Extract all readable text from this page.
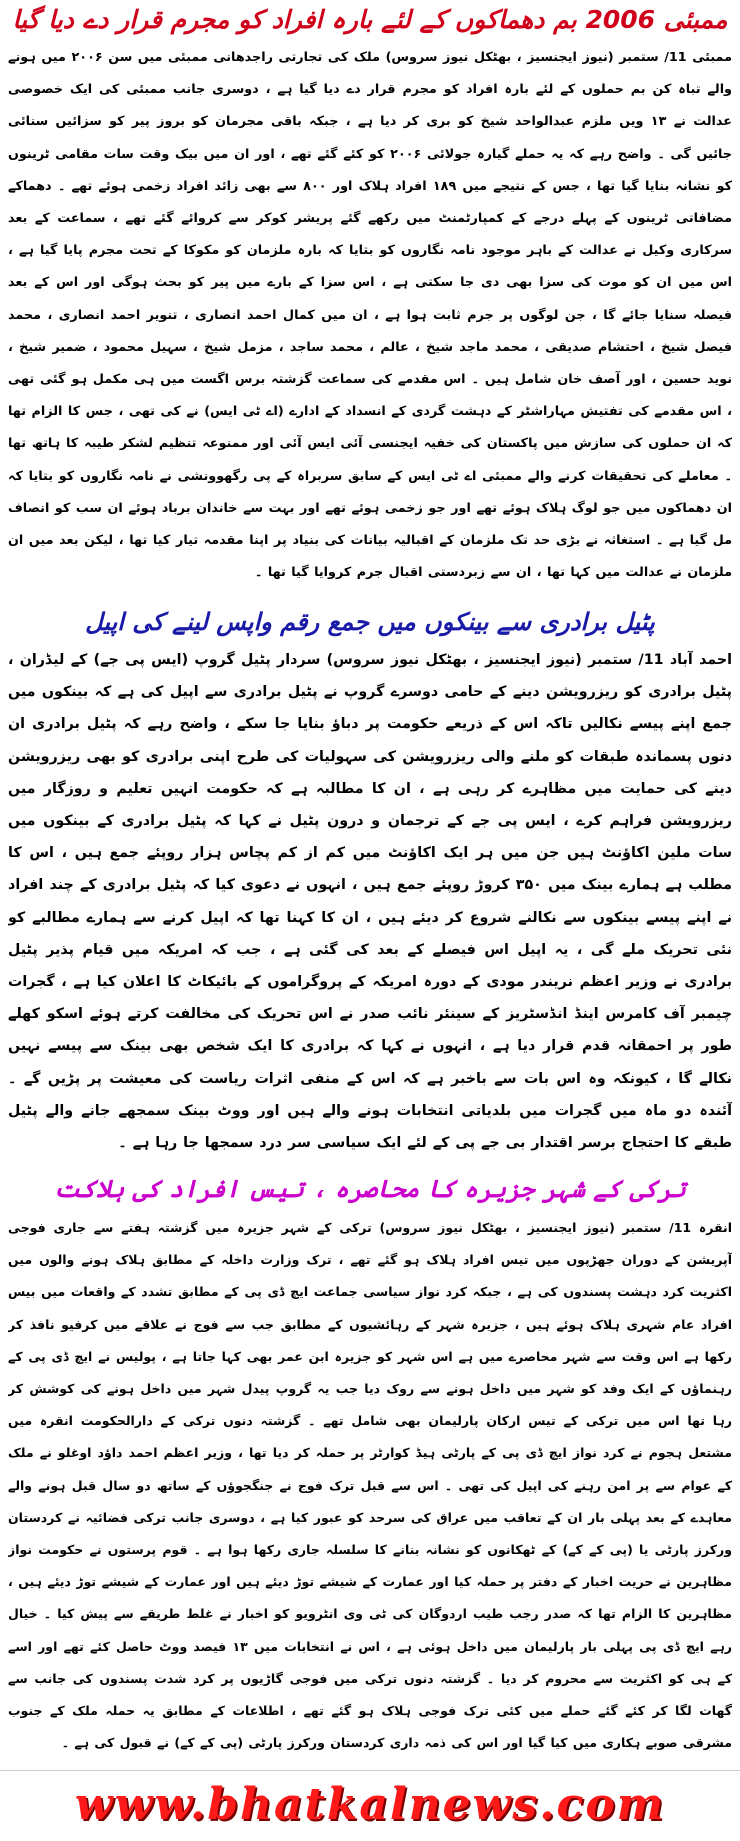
ممبئی 2006 بم دھماکوں کے لئے بارہ افراد کو مجرم قرار دے دیا گیا
ممبئی 11/ ستمبر (نیوز ایجنسیز ، بھٹکل نیوز سروس) ملک کی تجارتی راجدھانی ممبئی میں سن ۲۰۰۶ میں ہونے والے تباہ کن بم حملوں کے لئے بارہ افراد کو مجرم قرار دے دیا گیا ہے ، دوسری جانب ممبئی کی ایک خصوصی عدالت نے ۱۳ ویں ملزم عبدالواحد شیخ کو بری کر دیا ہے ، جبکہ باقی مجرمان کو بروز پیر کو سزائیں سنائی جائیں گی ۔ واضح رہے کہ یہ حملے گیارہ جولائی ۲۰۰۶ کو کئے گئے تھے ، اور ان میں بیک وقت سات مقامی ٹرینوں کو نشانہ بنایا گیا تھا ، جس کے نتیجے میں ۱۸۹ افراد ہلاک اور ۸۰۰ سے بھی زائد افراد زخمی ہوئے تھے ۔ دھماکے مضافاتی ٹرینوں کے پہلے درجے کے کمپارٹمنٹ میں رکھے گئے پریشر کوکر سے کروائے گئے تھے ، سماعت کے بعد سرکاری وکیل نے عدالت کے باہر موجود نامہ نگاروں کو بتایا کہ بارہ ملزمان کو مکوکا کے تحت مجرم پایا گیا ہے ، اس میں ان کو موت کی سزا بھی دی جا سکتی ہے ، اس سزا کے بارے میں پیر کو بحث ہوگی اور اس کے بعد فیصلہ سنایا جائے گا ، جن لوگوں پر جرم ثابت ہوا ہے ، ان میں کمال احمد انصاری ، تنویر احمد انصاری ، محمد فیصل شیخ ، احتشام صدیقی ، محمد ماجد شیخ ، عالم ، محمد ساجد ، مزمل شیخ ، سہیل محمود ، ضمیر شیخ ، نوید حسین ، اور آصف خان شامل ہیں ۔ اس مقدمے کی سماعت گزشتہ برس اگست میں ہی مکمل ہو گئی تھی ، اس مقدمے کی تفتیش مہاراشٹر کے دہشت گردی کے انسداد کے ادارے (اے ٹی ایس) نے کی تھی ، جس کا الزام تھا کہ ان حملوں کی سازش میں پاکستان کی خفیہ ایجنسی آئی ایس آئی اور ممنوعہ تنظیم لشکر طیبہ کا ہاتھ تھا ۔ معاملے کی تحقیقات کرنے والے ممبئی اے ٹی ایس کے سابق سربراہ کے پی رگھوونشی نے نامہ نگاروں کو بتایا کہ ان دھماکوں میں جو لوگ ہلاک ہوئے تھے اور جو زخمی ہوئے تھے اور بہت سے خاندان برباد ہوئے ان سب کو انصاف مل گیا ہے ۔ استغاثہ نے بڑی حد تک ملزمان کے اقبالیہ بیانات کی بنیاد پر اپنا مقدمہ تیار کیا تھا ، لیکن بعد میں ان ملزمان نے عدالت میں کہا تھا ، ان سے زبردستی اقبال جرم کروایا گیا تھا ۔
پٹیل برادری سے بینکوں میں جمع رقم واپس لینے کی اپیل
احمد آباد 11/ ستمبر (نیوز ایجنسیز ، بھٹکل نیوز سروس) سردار پٹیل گروپ (ایس پی جے) کے لیڈران ، پٹیل برادری کو ریزرویشن دینے کے حامی دوسرے گروپ نے پٹیل برادری سے اپیل کی ہے کہ بینکوں میں جمع اپنے پیسے نکالیں تاکہ اس کے ذریعے حکومت پر دباؤ بنایا جا سکے ، واضح رہے کہ پٹیل برادری ان دنوں پسماندہ طبقات کو ملنے والی ریزرویشن کی سہولیات کی طرح اپنی برادری کو بھی ریزرویشن دینے کی حمایت میں مظاہرے کر رہی ہے ، ان کا مطالبہ ہے کہ حکومت انہیں تعلیم و روزگار میں ریزرویشن فراہم کرے ، ایس پی جے کے ترجمان و درون پٹیل نے کہا کہ پٹیل برادری کے بینکوں میں سات ملین اکاؤنٹ ہیں جن میں ہر ایک اکاؤنٹ میں کم از کم پچاس ہزار روپئے جمع ہیں ، اس کا مطلب ہے ہمارے بینک میں ۳۵۰ کروڑ روپئے جمع ہیں ، انہوں نے دعوی کیا کہ پٹیل برادری کے چند افراد نے اپنے پیسے بینکوں سے نکالنے شروع کر دیئے ہیں ، ان کا کہنا تھا کہ اپیل کرنے سے ہمارے مطالبے کو نئی تحریک ملے گی ، یہ اپیل اس فیصلے کے بعد کی گئی ہے ، جب کہ امریکہ میں قیام پذیر پٹیل برادری نے وزیر اعظم نریندر مودی کے دورہ امریکہ کے پروگراموں کے بائیکاٹ کا اعلان کیا ہے ، گجرات چیمبر آف کامرس اینڈ انڈسٹریز کے سینئر نائب صدر نے اس تحریک کی مخالفت کرتے ہوئے اسکو کھلے طور پر احمقانہ قدم قرار دیا ہے ، انہوں نے کہا کہ برادری کا ایک شخص بھی بینک سے پیسے نہیں نکالے گا ، کیونکہ وہ اس بات سے باخبر ہے کہ اس کے منفی اثرات ریاست کی معیشت پر پڑیں گے ۔ آئندہ دو ماہ میں گجرات میں بلدیاتی انتخابات ہونے والے ہیں اور ووٹ بینک سمجھے جانے والے پٹیل طبقے کا احتجاج برسر اقتدار بی جے پی کے لئے ایک سیاسی سر درد سمجھا جا رہا ہے ۔
ترکی کے شہر جزیرہ کا محاصرہ ، تیس افراد کی ہلاکت
انقرہ 11/ ستمبر (نیوز ایجنسیز ، بھٹکل نیوز سروس) ترکی کے شہر جزیرہ میں گزشتہ ہفتے سے جاری فوجی آپریشن کے دوران جھڑپوں میں تیس افراد ہلاک ہو گئے تھے ، ترک وزارت داخلہ کے مطابق ہلاک ہونے والوں میں اکثریت کرد دہشت پسندوں کی ہے ، جبکہ کرد نواز سیاسی جماعت ایچ ڈی پی کے مطابق تشدد کے واقعات میں بیس افراد عام شہری ہلاک ہوئے ہیں ، جزیرہ شہر کے رہائشیوں کے مطابق جب سے فوج نے علاقے میں کرفیو نافذ کر رکھا ہے اس وقت سے شہر محاصرے میں ہے اس شہر کو جزیرہ ابن عمر بھی کہا جاتا ہے ، پولیس نے ایچ ڈی پی کے رہنماؤں کے ایک وفد کو شہر میں داخل ہونے سے روک دیا جب یہ گروپ پیدل شہر میں داخل ہونے کی کوشش کر رہا تھا اس میں ترکی کے تیس ارکان پارلیمان بھی شامل تھے ۔ گزشتہ دنوں ترکی کے دارالحکومت انقرہ میں مشتعل ہجوم نے کرد نواز ایچ ڈی پی کے پارٹی ہیڈ کوارٹر پر حملہ کر دیا تھا ، وزیر اعظم احمد داؤد اوغلو نے ملک کے عوام سے پر امن رہنے کی اپیل کی تھی ۔ اس سے قبل ترک فوج نے جنگجوؤں کے ساتھ دو سال قبل ہونے والے معاہدے کے بعد پہلی بار ان کے تعاقب میں عراق کی سرحد کو عبور کیا ہے ، دوسری جانب ترکی فضائیہ نے کردستان ورکرز پارٹی یا (پی کے کے) کے ٹھکانوں کو نشانہ بنانے کا سلسلہ جاری رکھا ہوا ہے ۔ قوم پرستوں نے حکومت نواز مظاہرین نے حریت اخبار کے دفتر پر حملہ کیا اور عمارت کے شیشے توڑ دیئے ہیں اور عمارت کے شیشے توڑ دیئے ہیں ، مظاہرین کا الزام تھا کہ صدر رجب طیب اردوگان کی ٹی وی انٹرویو کو اخبار نے غلط طریقے سے پیش کیا ۔ خیال رہے ایچ ڈی پی پہلی بار پارلیمان میں داخل ہوئی ہے ، اس نے انتخابات میں ۱۳ فیصد ووٹ حاصل کئے تھے اور اسے کے ہی کو اکثریت سے محروم کر دیا ۔ گزشتہ دنوں ترکی میں فوجی گاڑیوں پر کرد شدت پسندوں کی جانب سے گھات لگا کر کئے گئے حملے میں کئی ترک فوجی ہلاک ہو گئے تھے ، اطلاعات کے مطابق یہ حملہ ملک کے جنوب مشرقی صوبے ہکاری میں کیا گیا اور اس کی ذمہ داری کردستان ورکرز پارٹی (پی کے کے) نے قبول کی ہے ۔
www.bhatkalnews.com
